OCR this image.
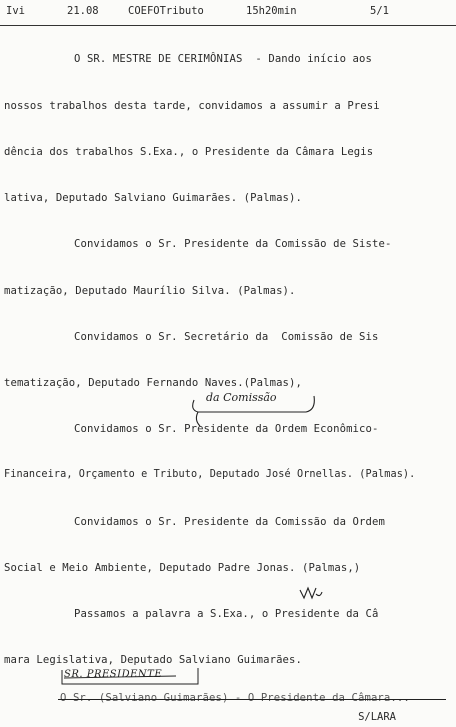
Ivi	21.08	COEFOTributo	15h20min	5/1
O SR. MESTRE DE CERIMÔNIAS  - Dando início aos
nossos trabalhos desta tarde, convidamos a assumir a Presi
dência dos trabalhos S.Exa., o Presidente da Câmara Legis
lativa, Deputado Salviano Guimarães. (Palmas).
Convidamos o Sr. Presidente da Comissão de Siste-
matização, Deputado Maurílio Silva. (Palmas).
Convidamos o Sr. Secretário da  Comissão de Sis
tematização, Deputado Fernando Naves.(Palmas),
Convidamos o Sr. Presidente da Ordem Econômico-
Financeira, Orçamento e Tributo, Deputado José Ornellas. (Palmas).
Convidamos o Sr. Presidente da Comissão da Ordem
Social e Meio Ambiente, Deputado Padre Jonas. (Palmas,)
Passamos a palavra a S.Exa., o Presidente da Câ
mara Legislativa, Deputado Salviano Guimarães.
O Sr. (Salviano Guimarães) - O Presidente da Câmara...
da Comissão
SR. PRESIDENTE
S/LARA
